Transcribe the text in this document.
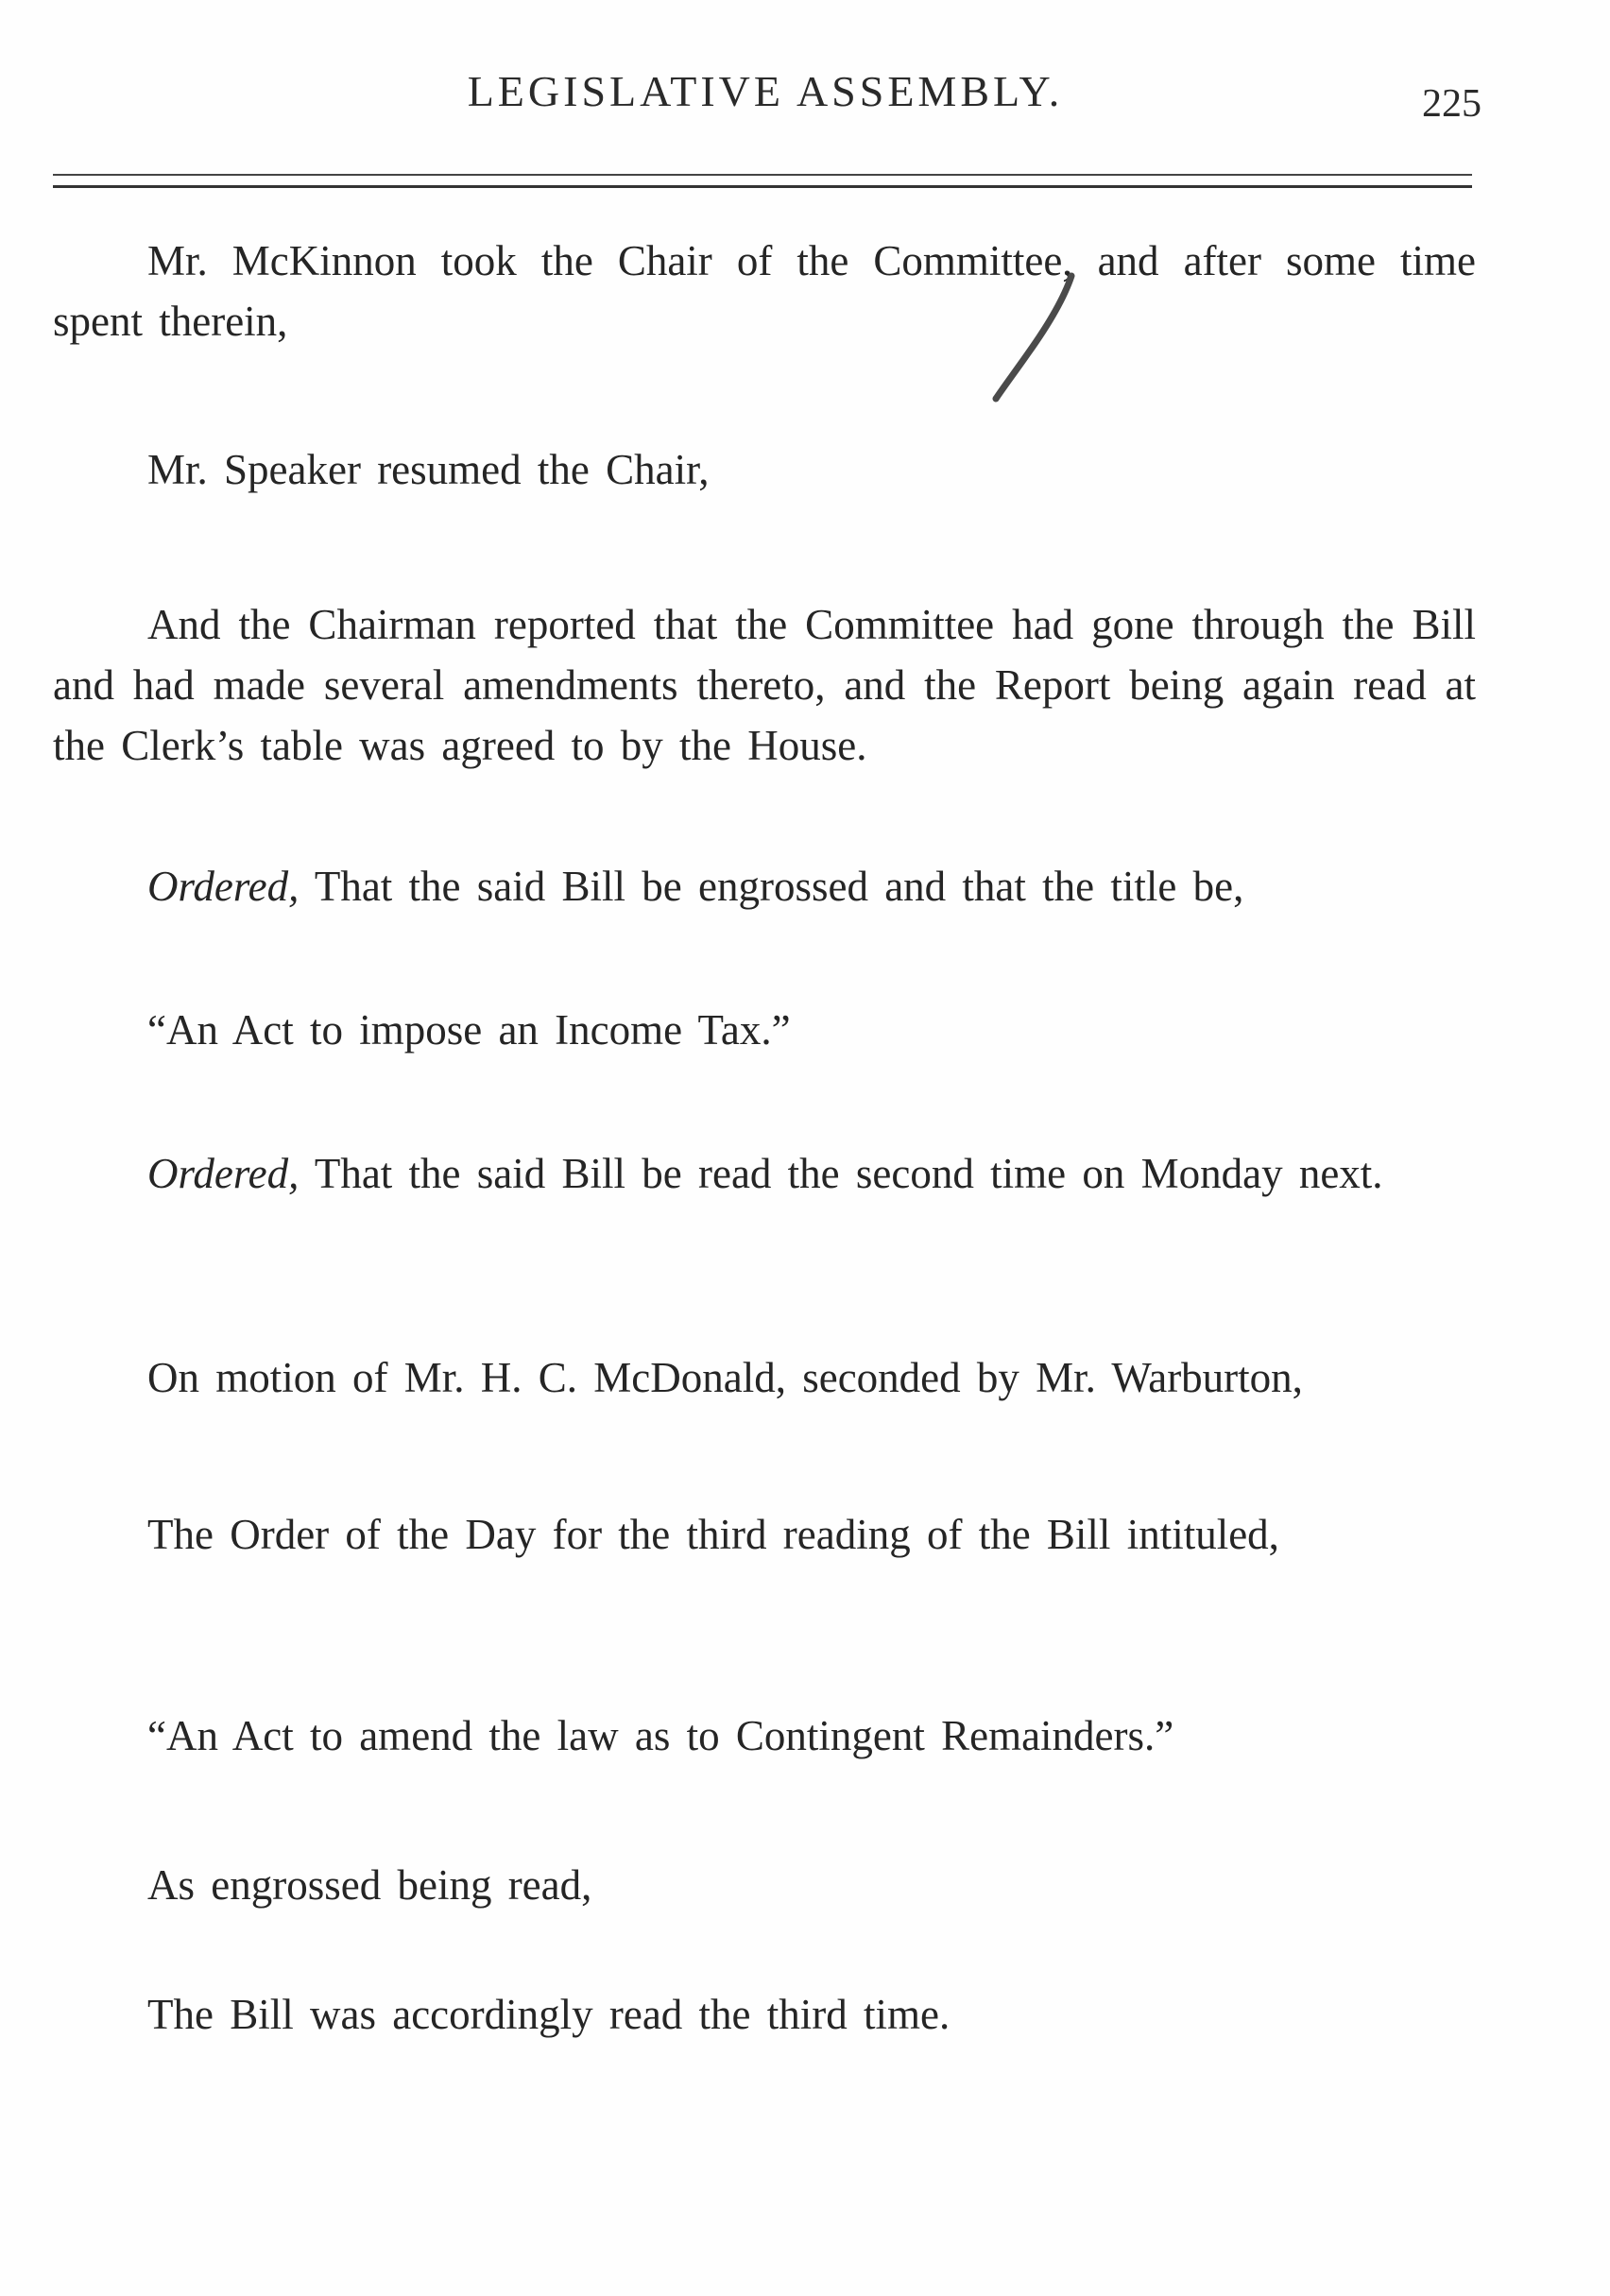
LEGISLATIVE ASSEMBLY.	225

Mr. McKinnon took the Chair of the Committee, and after some time spent therein,

Mr. Speaker resumed the Chair,

And the Chairman reported that the Committee had gone through the Bill and had made several amendments thereto, and the Report being again read at the Clerk’s table was agreed to by the House.

Ordered, That the said Bill be engrossed and that the title be,

“An Act to impose an Income Tax.”

Ordered, That the said Bill be read the second time on Monday next.

On motion of Mr. H. C. McDonald, seconded by Mr. Warburton,

The Order of the Day for the third reading of the Bill intituled,

“An Act to amend the law as to Contingent Remainders.”

As engrossed being read,

The Bill was accordingly read the third time.
